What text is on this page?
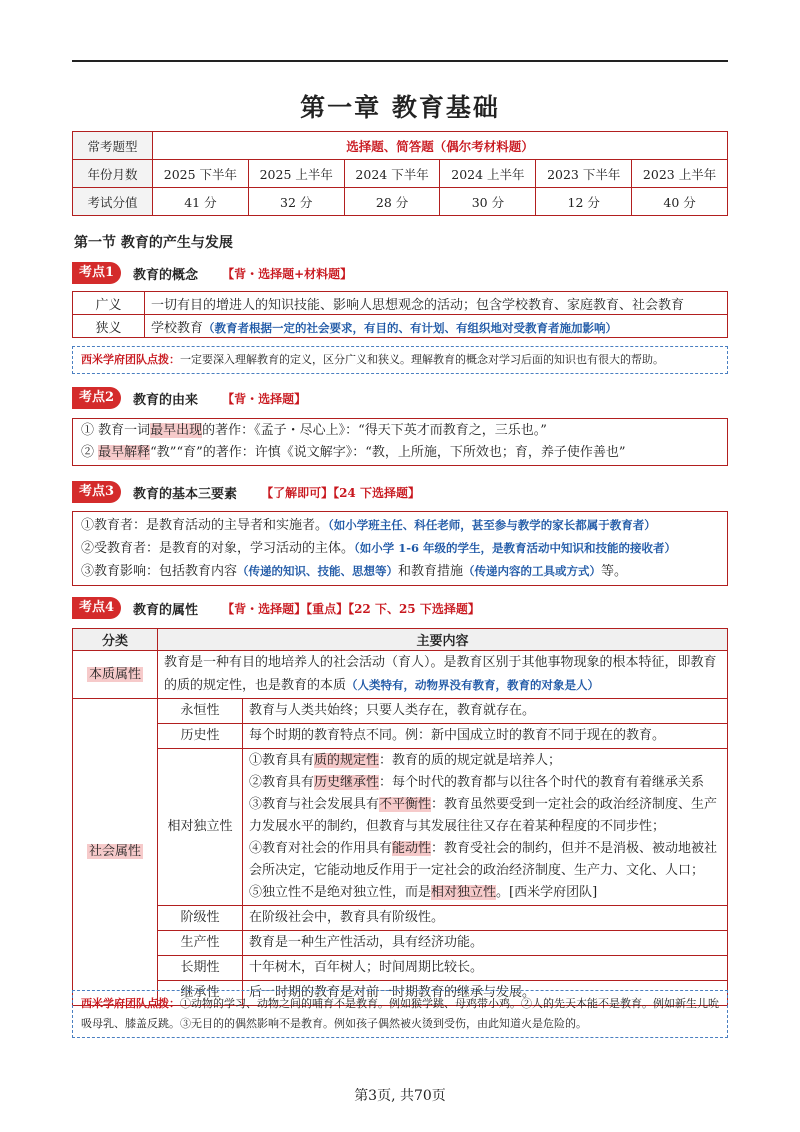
第一章 教育基础
常考题型	选择题、简答题（偶尔考材料题）					
年份月数	2025 下半年	2025 上半年	2024 下半年	2024 上半年	2023 下半年	2023 上半年
考试分值	41 分	32 分	28 分	30 分	12 分	40 分
第一节 教育的产生与发展
考点1	教育的概念 【背・选择题+材料题】
广义	一切有目的增进人的知识技能、影响人思想观念的活动；包含学校教育、家庭教育、社会教育
狭义	学校教育（教育者根据一定的社会要求，有目的、有计划、有组织地对受教育者施加影响）
西米学府团队点拨：一定要深入理解教育的定义，区分广义和狭义。理解教育的概念对学习后面的知识也有很大的帮助。
考点2	教育的由来 【背・选择题】
① 教育一词最早出现的著作：《孟子・尽心上》：“得天下英才而教育之，三乐也。”
② 最早解释“教”“育”的著作：许慎《说文解字》：“教，上所施，下所效也；育，养子使作善也”
考点3	教育的基本三要素 【了解即可】【24 下选择题】
①教育者：是教育活动的主导者和实施者。（如小学班主任、科任老师，甚至参与教学的家长都属于教育者）
②受教育者：是教育的对象，学习活动的主体。（如小学 1-6 年级的学生，是教育活动中知识和技能的接收者）
③教育影响：包括教育内容（传递的知识、技能、思想等）和教育措施（传递内容的工具或方式）等。
考点4	教育的属性 【背・选择题】【重点】【22 下、25 下选择题】
分类	主要内容	
本质属性	教育是一种有目的地培养人的社会活动（育人）。是教育区别于其他事物现象的根本特征，即教育的质的规定性，也是教育的本质（人类特有，动物界没有教育，教育的对象是人）	
社会属性	永恒性	教育与人类共始终；只要人类存在，教育就存在。
	历史性	每个时期的教育特点不同。例：新中国成立时的教育不同于现在的教育。
	相对独立性	①教育具有质的规定性：教育的质的规定就是培养人；
②教育具有历史继承性：每个时代的教育都与以往各个时代的教育有着继承关系
③教育与社会发展具有不平衡性：教育虽然要受到一定社会的政治经济制度、生产力发展水平的制约，但教育与其发展往往又存在着某种程度的不同步性；
④教育对社会的作用具有能动性：教育受社会的制约，但并不是消极、被动地被社会所决定，它能动地反作用于一定社会的政治经济制度、生产力、文化、人口；
⑤独立性不是绝对独立性，而是相对独立性。[西米学府团队]

	阶级性	在阶级社会中，教育具有阶级性。
	生产性	教育是一种生产性活动，具有经济功能。
	长期性	十年树木，百年树人；时间周期比较长。
	继承性	后一时期的教育是对前一时期教育的继承与发展。
西米学府团队点拨：①动物的学习、动物之间的哺育不是教育。例如猴学跳、母鸡带小鸡。②人的先天本能不是教育。例如新生儿吮吸母乳、膝盖反跳。③无目的的偶然影响不是教育。例如孩子偶然被火烫到受伤，由此知道火是危险的。
第3页, 共70页
